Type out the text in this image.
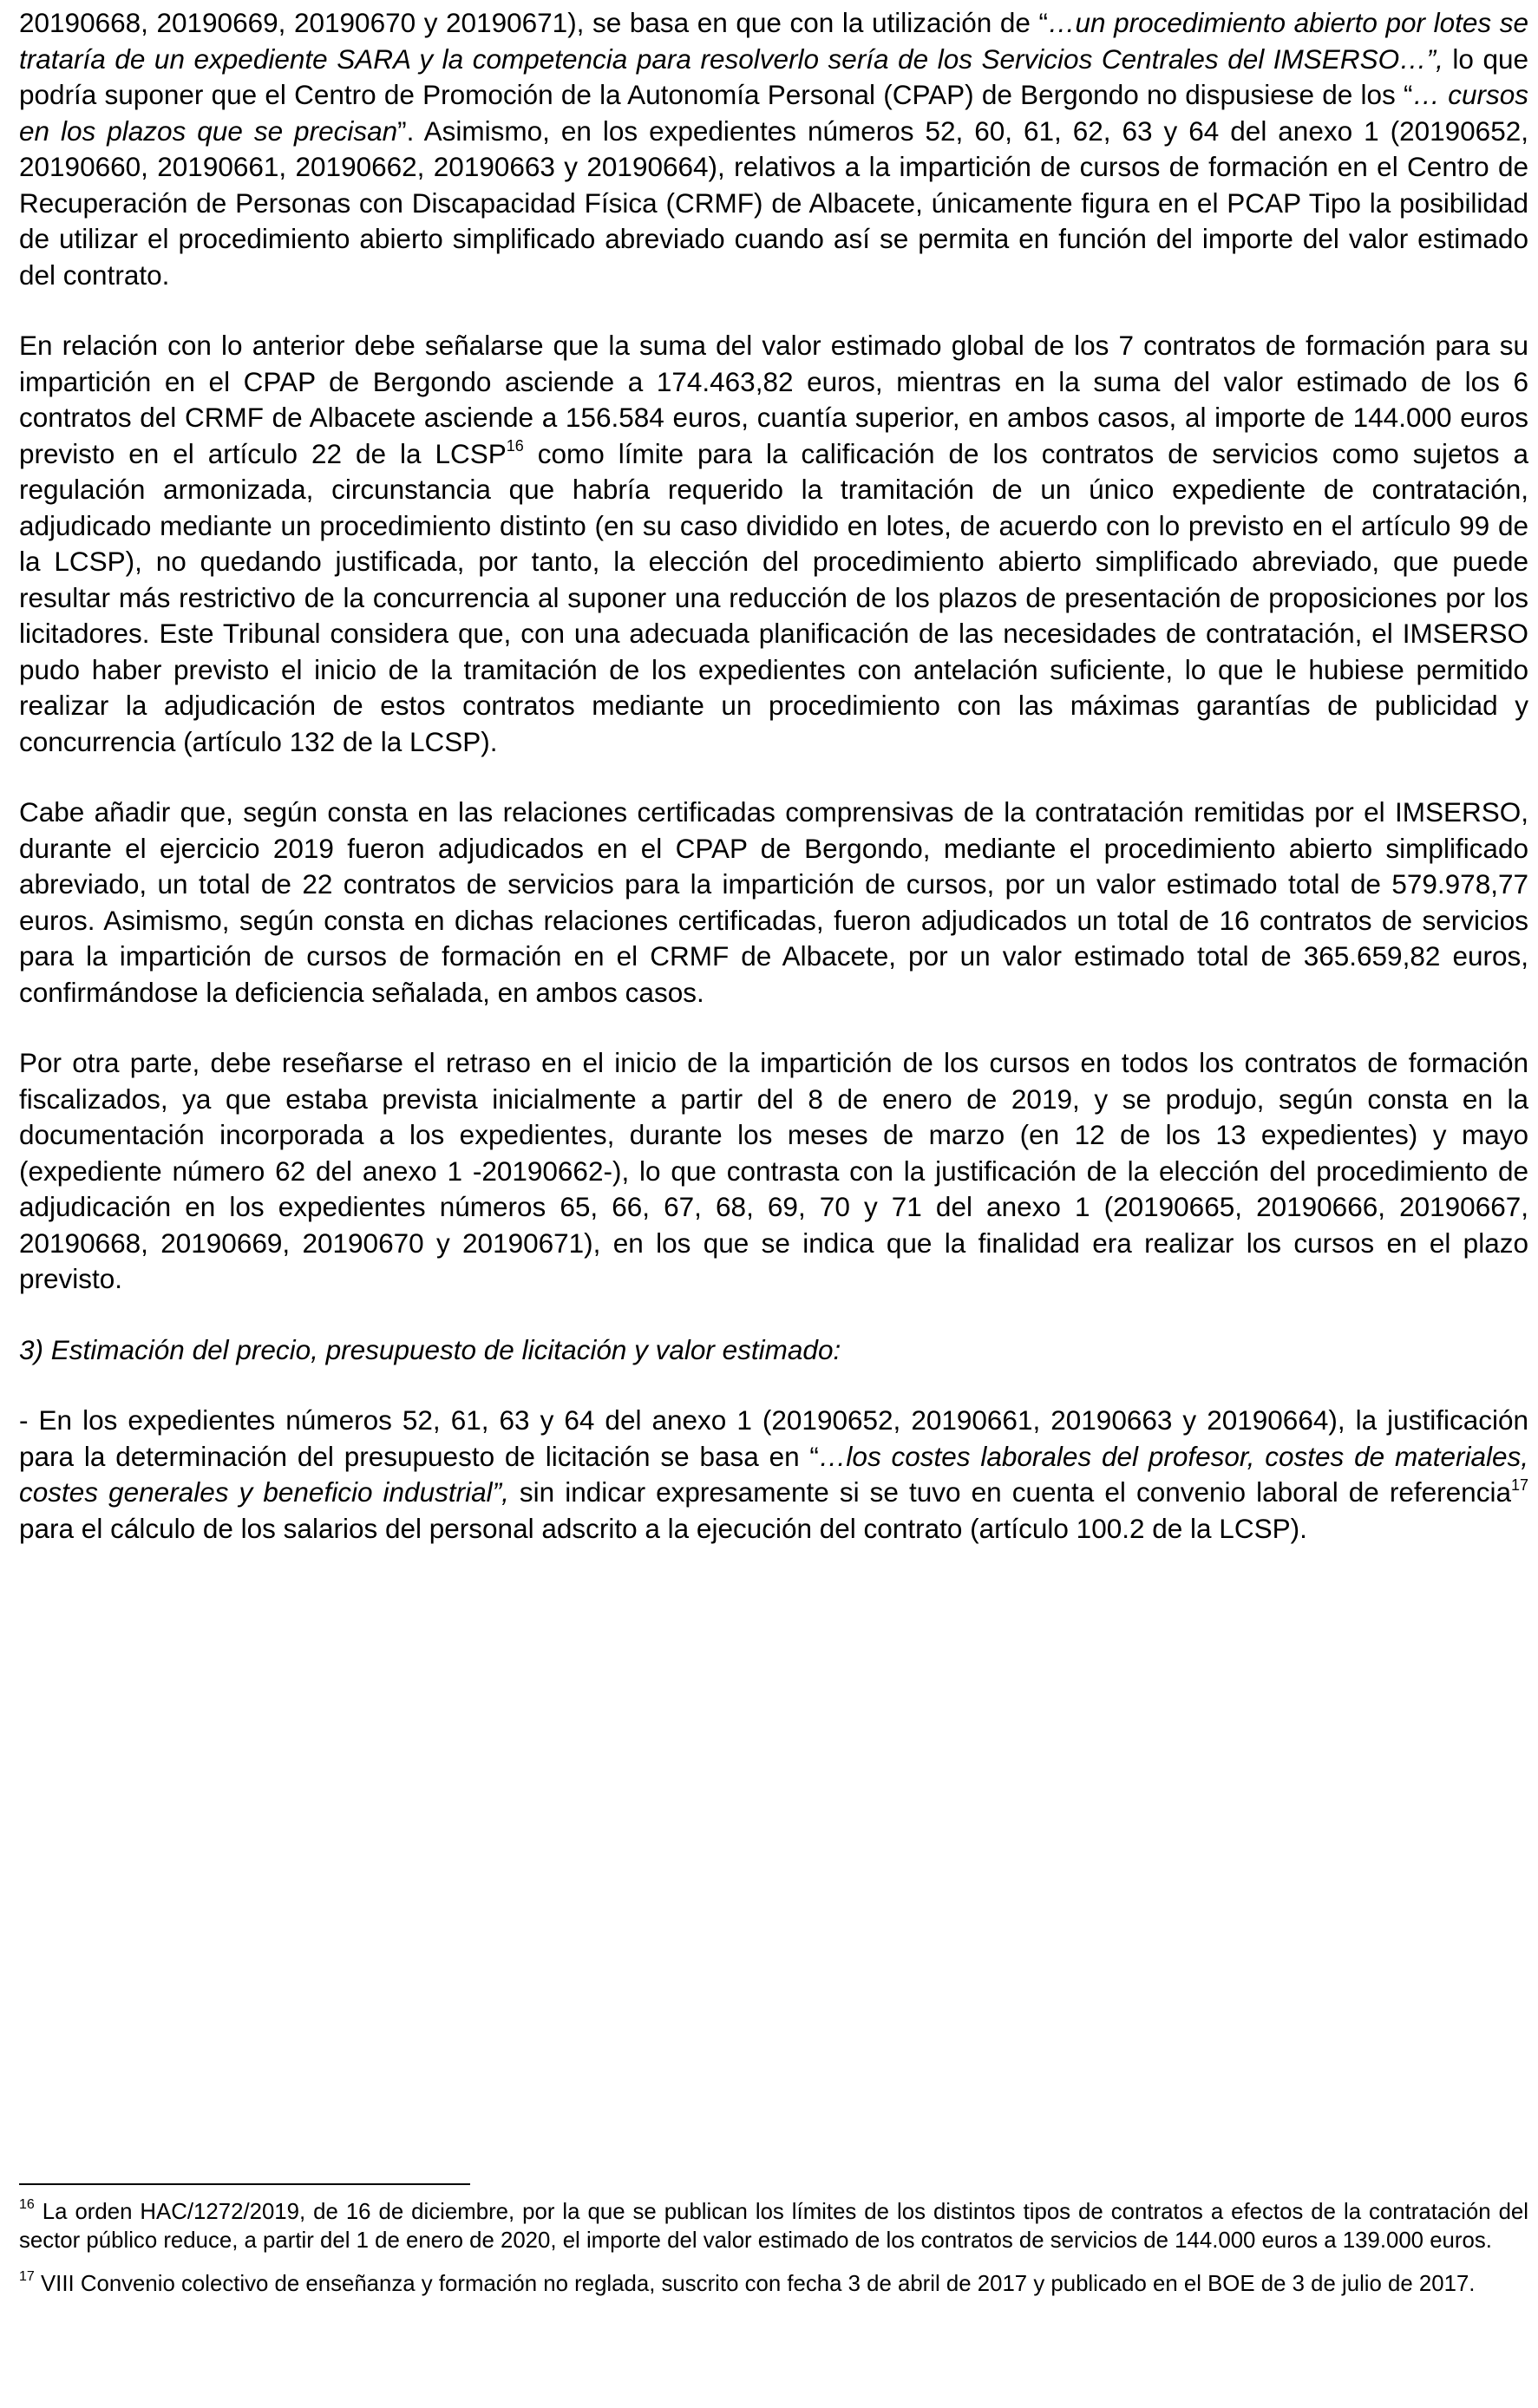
20190668, 20190669, 20190670 y 20190671), se basa en que con la utilización de “…un procedimiento abierto por lotes se trataría de un expediente SARA y la competencia para resolverlo sería de los Servicios Centrales del IMSERSO…”, lo que podría suponer que el Centro de Promoción de la Autonomía Personal (CPAP) de Bergondo no dispusiese de los “… cursos en los plazos que se precisan”. Asimismo, en los expedientes números 52, 60, 61, 62, 63 y 64 del anexo 1 (20190652, 20190660, 20190661, 20190662, 20190663 y 20190664), relativos a la impartición de cursos de formación en el Centro de Recuperación de Personas con Discapacidad Física (CRMF) de Albacete, únicamente figura en el PCAP Tipo la posibilidad de utilizar el procedimiento abierto simplificado abreviado cuando así se permita en función del importe del valor estimado del contrato.

En relación con lo anterior debe señalarse que la suma del valor estimado global de los 7 contratos de formación para su impartición en el CPAP de Bergondo asciende a 174.463,82 euros, mientras en la suma del valor estimado de los 6 contratos del CRMF de Albacete asciende a 156.584 euros, cuantía superior, en ambos casos, al importe de 144.000 euros previsto en el artículo 22 de la LCSP$^{16}$ como límite para la calificación de los contratos de servicios como sujetos a regulación armonizada, circunstancia que habría requerido la tramitación de un único expediente de contratación, adjudicado mediante un procedimiento distinto (en su caso dividido en lotes, de acuerdo con lo previsto en el artículo 99 de la LCSP), no quedando justificada, por tanto, la elección del procedimiento abierto simplificado abreviado, que puede resultar más restrictivo de la concurrencia al suponer una reducción de los plazos de presentación de proposiciones por los licitadores. Este Tribunal considera que, con una adecuada planificación de las necesidades de contratación, el IMSERSO pudo haber previsto el inicio de la tramitación de los expedientes con antelación suficiente, lo que le hubiese permitido realizar la adjudicación de estos contratos mediante un procedimiento con las máximas garantías de publicidad y concurrencia (artículo 132 de la LCSP).

Cabe añadir que, según consta en las relaciones certificadas comprensivas de la contratación remitidas por el IMSERSO, durante el ejercicio 2019 fueron adjudicados en el CPAP de Bergondo, mediante el procedimiento abierto simplificado abreviado, un total de 22 contratos de servicios para la impartición de cursos, por un valor estimado total de 579.978,77 euros. Asimismo, según consta en dichas relaciones certificadas, fueron adjudicados un total de 16 contratos de servicios para la impartición de cursos de formación en el CRMF de Albacete, por un valor estimado total de 365.659,82 euros, confirmándose la deficiencia señalada, en ambos casos.

Por otra parte, debe reseñarse el retraso en el inicio de la impartición de los cursos en todos los contratos de formación fiscalizados, ya que estaba prevista inicialmente a partir del 8 de enero de 2019, y se produjo, según consta en la documentación incorporada a los expedientes, durante los meses de marzo (en 12 de los 13 expedientes) y mayo (expediente número 62 del anexo 1 -20190662-), lo que contrasta con la justificación de la elección del procedimiento de adjudicación en los expedientes números 65, 66, 67, 68, 69, 70 y 71 del anexo 1 (20190665, 20190666, 20190667, 20190668, 20190669, 20190670 y 20190671), en los que se indica que la finalidad era realizar los cursos en el plazo previsto.

3) Estimación del precio, presupuesto de licitación y valor estimado:

- En los expedientes números 52, 61, 63 y 64 del anexo 1 (20190652, 20190661, 20190663 y 20190664), la justificación para la determinación del presupuesto de licitación se basa en “…los costes laborales del profesor, costes de materiales, costes generales y beneficio industrial”, sin indicar expresamente si se tuvo en cuenta el convenio laboral de referencia$^{17}$ para el cálculo de los salarios del personal adscrito a la ejecución del contrato (artículo 100.2 de la LCSP).

$^{16}$ La orden HAC/1272/2019, de 16 de diciembre, por la que se publican los límites de los distintos tipos de contratos a efectos de la contratación del sector público reduce, a partir del 1 de enero de 2020, el importe del valor estimado de los contratos de servicios de 144.000 euros a 139.000 euros.

$^{17}$ VIII Convenio colectivo de enseñanza y formación no reglada, suscrito con fecha 3 de abril de 2017 y publicado en el BOE de 3 de julio de 2017.
